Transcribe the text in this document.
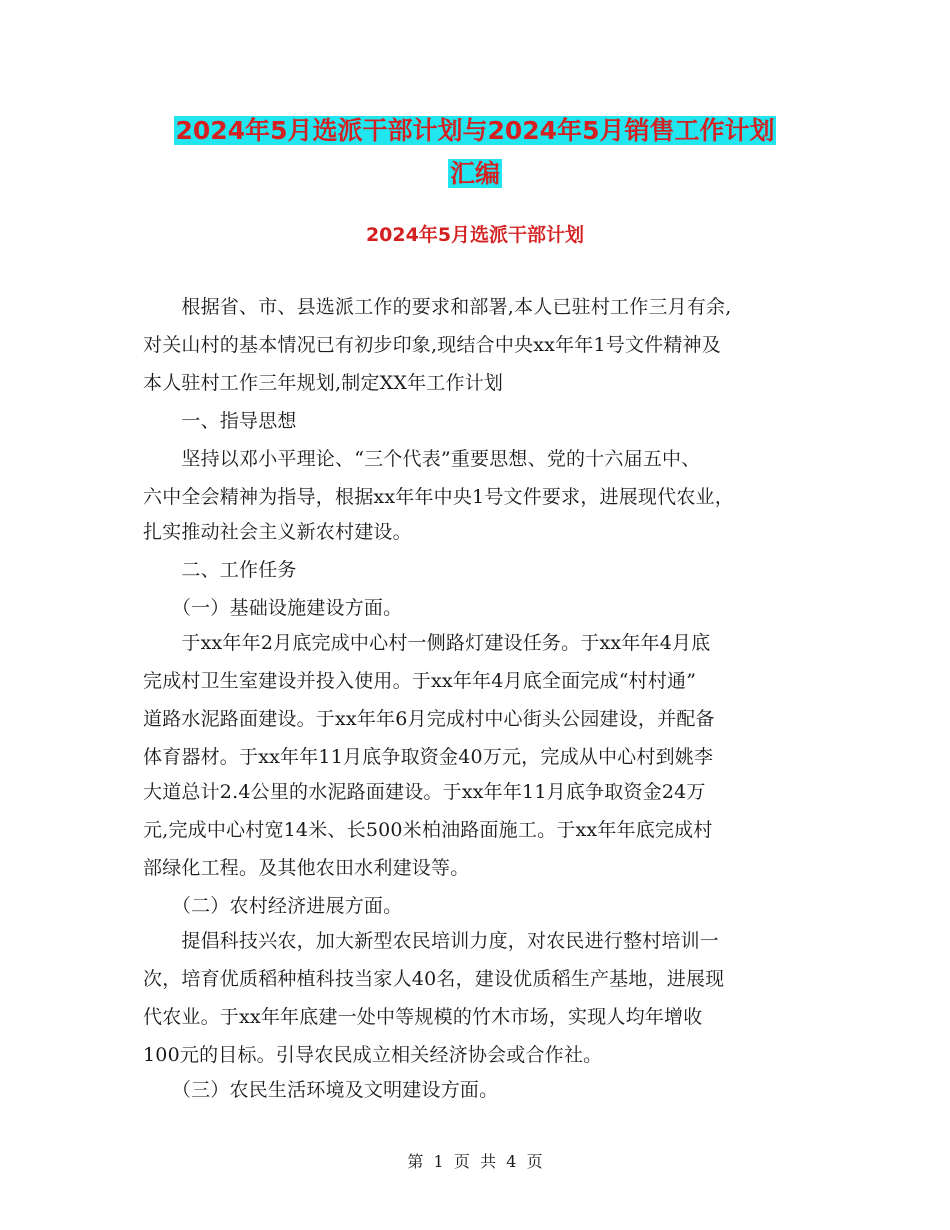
2024年5月选派干部计划与2024年5月销售工作计划
汇编
2024年5月选派干部计划
　　根据省、市、县选派工作的要求和部署,本人已驻村工作三月有余,
对关山村的基本情况已有初步印象,现结合中央xx年年1号文件精神及
本人驻村工作三年规划,制定XX年工作计划
　　一、指导思想
　　坚持以邓小平理论、“三个代表”重要思想、党的十六届五中、
六中全会精神为指导，根据xx年年中央1号文件要求，进展现代农业，
扎实推动社会主义新农村建设。
　　二、工作任务
　　（一）基础设施建设方面。
　　于xx年年2月底完成中心村一侧路灯建设任务。于xx年年4月底
完成村卫生室建设并投入使用。于xx年年4月底全面完成“村村通”
道路水泥路面建设。于xx年年6月完成村中心街头公园建设，并配备
体育器材。于xx年年11月底争取资金40万元，完成从中心村到姚李
大道总计2.4公里的水泥路面建设。于xx年年11月底争取资金24万
元,完成中心村宽14米、长500米柏油路面施工。于xx年年底完成村
部绿化工程。及其他农田水利建设等。
　　（二）农村经济进展方面。
　　提倡科技兴农，加大新型农民培训力度，对农民进行整村培训一
次，培育优质稻种植科技当家人40名，建设优质稻生产基地，进展现
代农业。于xx年年底建一处中等规模的竹木市场，实现人均年增收
100元的目标。引导农民成立相关经济协会或合作社。
　　（三）农民生活环境及文明建设方面。
第  1  页  共  4  页
